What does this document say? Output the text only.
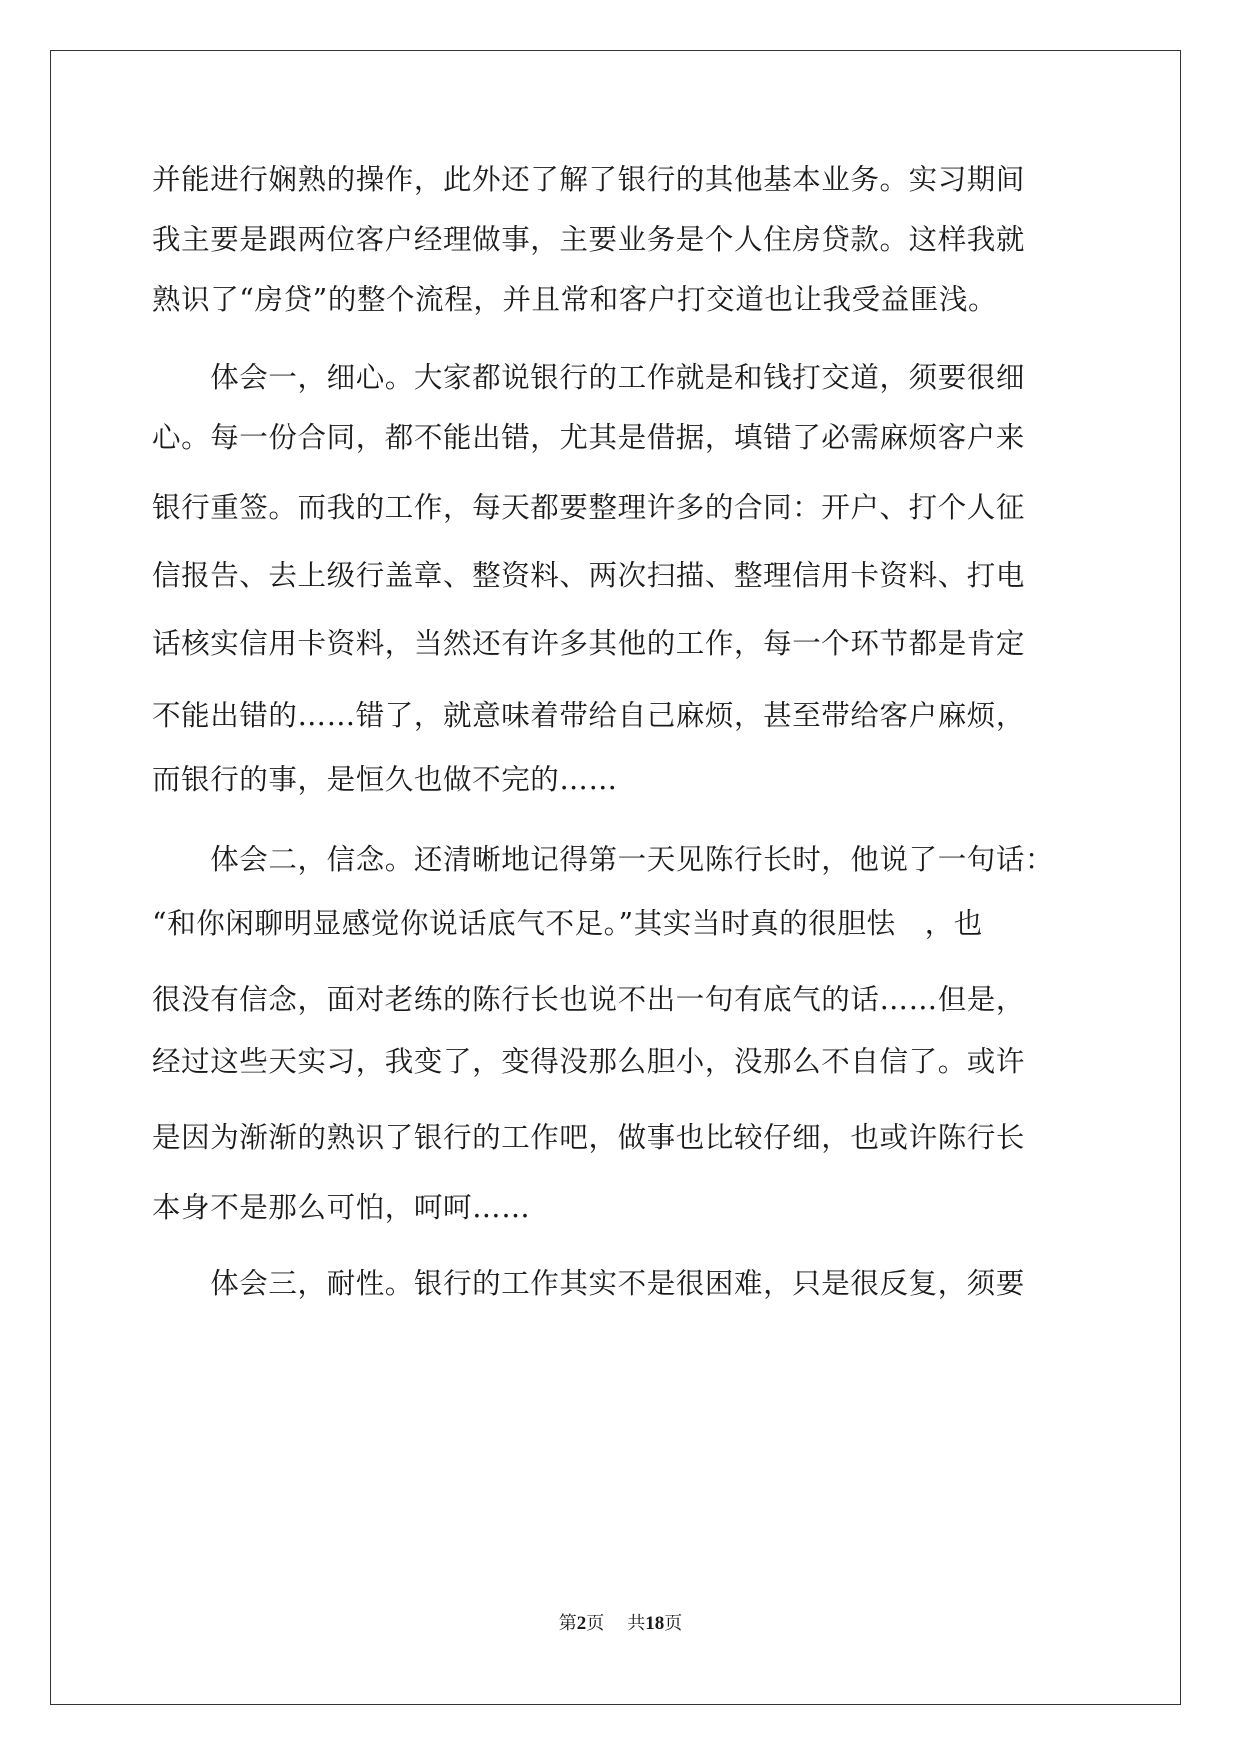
并能进行娴熟的操作，此外还了解了银行的其他基本业务。实习期间
我主要是跟两位客户经理做事，主要业务是个人住房贷款。这样我就
熟识了“房贷”的整个流程，并且常和客户打交道也让我受益匪浅。
　　体会一，细心。大家都说银行的工作就是和钱打交道，须要很细
心。每一份合同，都不能出错，尤其是借据，填错了必需麻烦客户来
银行重签。而我的工作，每天都要整理许多的合同：开户、打个人征
信报告、去上级行盖章、整资料、两次扫描、整理信用卡资料、打电
话核实信用卡资料，当然还有许多其他的工作，每一个环节都是肯定
不能出错的……错了，就意味着带给自己麻烦，甚至带给客户麻烦，
而银行的事，是恒久也做不完的……
　　体会二，信念。还清晰地记得第一天见陈行长时，他说了一句话：
“和你闲聊明显感觉你说话底气不足。”其实当时真的很胆怯　，也
很没有信念，面对老练的陈行长也说不出一句有底气的话……但是，
经过这些天实习，我变了，变得没那么胆小，没那么不自信了。或许
是因为渐渐的熟识了银行的工作吧，做事也比较仔细，也或许陈行长
本身不是那么可怕，呵呵……
　　体会三，耐性。银行的工作其实不是很困难，只是很反复，须要
第2页 共18页
